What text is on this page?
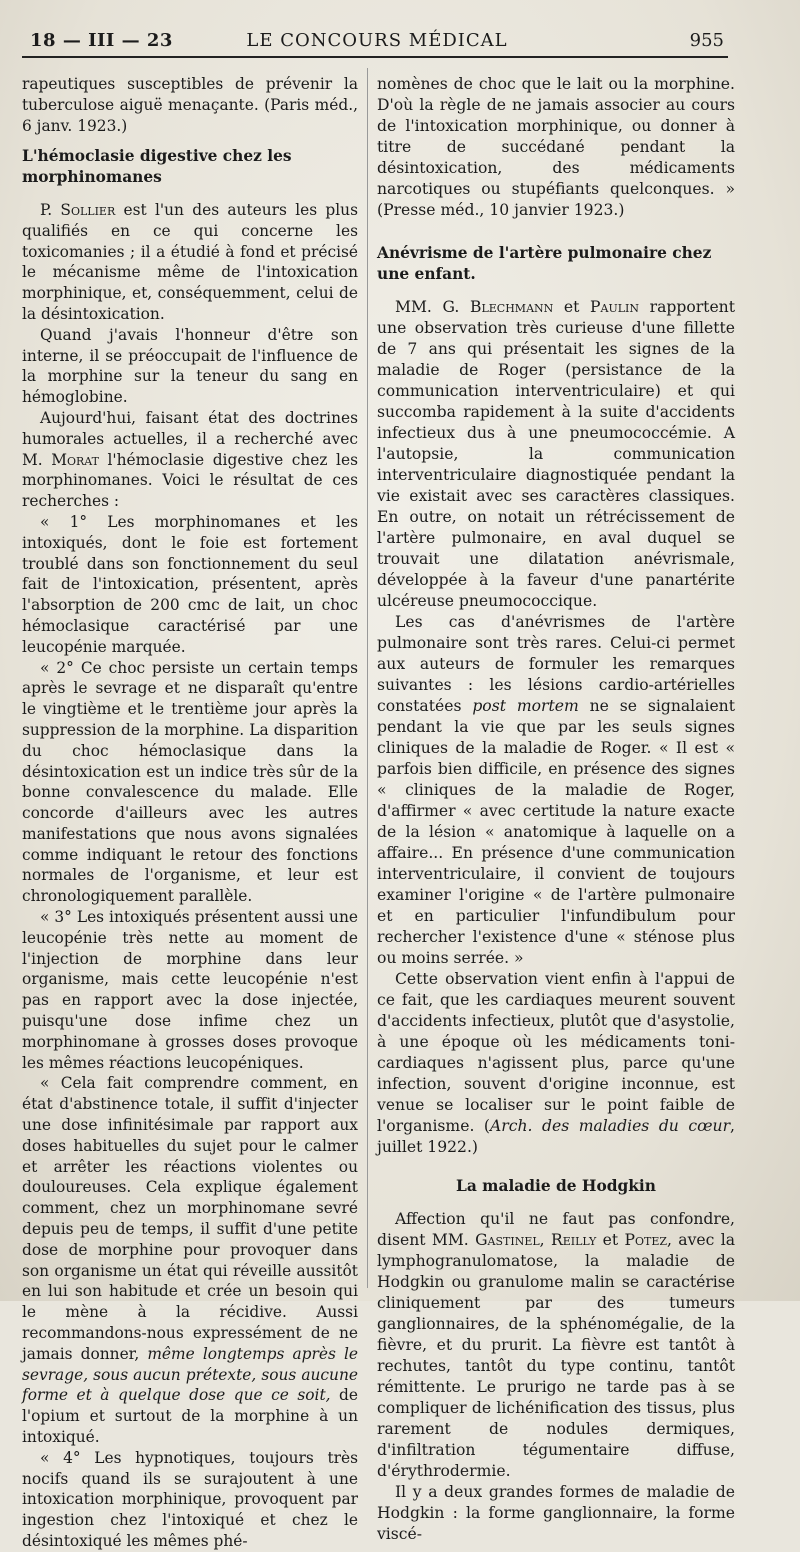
18 — III — 23	LE CONCOURS MÉDICAL	955

rapeutiques susceptibles de prévenir la tuberculose aiguë menaçante. (Paris méd., 6 janv. 1923.)

L'hémoclasie digestive chez les morphinomanes

P. Sollier est l'un des auteurs les plus qualifiés en ce qui concerne les toxicomanies ; il a étudié à fond et précisé le mécanisme même de l'intoxication morphinique, et, conséquemment, celui de la désintoxication.

Quand j'avais l'honneur d'être son interne, il se préoccupait de l'influence de la morphine sur la teneur du sang en hémoglobine.

Aujourd'hui, faisant état des doctrines humorales actuelles, il a recherché avec M. Morat l'hémoclasie digestive chez les morphinomanes. Voici le résultat de ces recherches :

« 1° Les morphinomanes et les intoxiqués, dont le foie est fortement troublé dans son fonctionnement du seul fait de l'intoxication, présentent, après l'absorption de 200 cmc de lait, un choc hémoclasique caractérisé par une leucopénie marquée.

« 2° Ce choc persiste un certain temps après le sevrage et ne disparaît qu'entre le vingtième et le trentième jour après la suppression de la morphine. La disparition du choc hémoclasique dans la désintoxication est un indice très sûr de la bonne convalescence du malade. Elle concorde d'ailleurs avec les autres manifestations que nous avons signalées comme indiquant le retour des fonctions normales de l'organisme, et leur est chronologiquement parallèle.

« 3° Les intoxiqués présentent aussi une leucopénie très nette au moment de l'injection de morphine dans leur organisme, mais cette leucopénie n'est pas en rapport avec la dose injectée, puisqu'une dose infime chez un morphinomane à grosses doses provoque les mêmes réactions leucopéniques.

« Cela fait comprendre comment, en état d'abstinence totale, il suffit d'injecter une dose infinitésimale par rapport aux doses habituelles du sujet pour le calmer et arrêter les réactions violentes ou douloureuses. Cela explique également comment, chez un morphinomane sevré depuis peu de temps, il suffit d'une petite dose de morphine pour provoquer dans son organisme un état qui réveille aussitôt en lui son habitude et crée un besoin qui le mène à la récidive. Aussi recommandons-nous expressément de ne jamais donner, même longtemps après le sevrage, sous aucun prétexte, sous aucune forme et à quelque dose que ce soit, de l'opium et surtout de la morphine à un intoxiqué.

« 4° Les hypnotiques, toujours très nocifs quand ils se surajoutent à une intoxication morphinique, provoquent par ingestion chez l'intoxiqué et chez le désintoxiqué les mêmes phé-

nomènes de choc que le lait ou la morphine. D'où la règle de ne jamais associer au cours de l'intoxication morphinique, ou donner à titre de succédané pendant la désintoxication, des médicaments narcotiques ou stupéfiants quelconques. » (Presse méd., 10 janvier 1923.)

Anévrisme de l'artère pulmonaire chez une enfant.

MM. G. Blechmann et Paulin rapportent une observation très curieuse d'une fillette de 7 ans qui présentait les signes de la maladie de Roger (persistance de la communication interventriculaire) et qui succomba rapidement à la suite d'accidents infectieux dus à une pneumococcémie. A l'autopsie, la communication interventriculaire diagnostiquée pendant la vie existait avec ses caractères classiques. En outre, on notait un rétrécissement de l'artère pulmonaire, en aval duquel se trouvait une dilatation anévrismale, développée à la faveur d'une panartérite ulcéreuse pneumococcique.

Les cas d'anévrismes de l'artère pulmonaire sont très rares. Celui-ci permet aux auteurs de formuler les remarques suivantes : les lésions cardio-artérielles constatées post mortem ne se signalaient pendant la vie que par les seuls signes cliniques de la maladie de Roger. « Il est « parfois bien difficile, en présence des signes « cliniques de la maladie de Roger, d'affirmer « avec certitude la nature exacte de la lésion « anatomique à laquelle on a affaire... En présence d'une communication interventriculaire, il convient de toujours examiner l'origine « de l'artère pulmonaire et en particulier l'infundibulum pour rechercher l'existence d'une « sténose plus ou moins serrée. »

Cette observation vient enfin à l'appui de ce fait, que les cardiaques meurent souvent d'accidents infectieux, plutôt que d'asystolie, à une époque où les médicaments toni-cardiaques n'agissent plus, parce qu'une infection, souvent d'origine inconnue, est venue se localiser sur le point faible de l'organisme. (Arch. des maladies du cœur, juillet 1922.)

La maladie de Hodgkin

Affection qu'il ne faut pas confondre, disent MM. Gastinel, Reilly et Potez, avec la lymphogranulomatose, la maladie de Hodgkin ou granulome malin se caractérise cliniquement par des tumeurs ganglionnaires, de la sphénomégalie, de la fièvre, et du prurit. La fièvre est tantôt à rechutes, tantôt du type continu, tantôt rémittente. Le prurigo ne tarde pas à se compliquer de lichénification des tissus, plus rarement de nodules dermiques, d'infiltration tégumentaire diffuse, d'érythrodermie.

Il y a deux grandes formes de maladie de Hodgkin : la forme ganglionnaire, la forme viscé-
